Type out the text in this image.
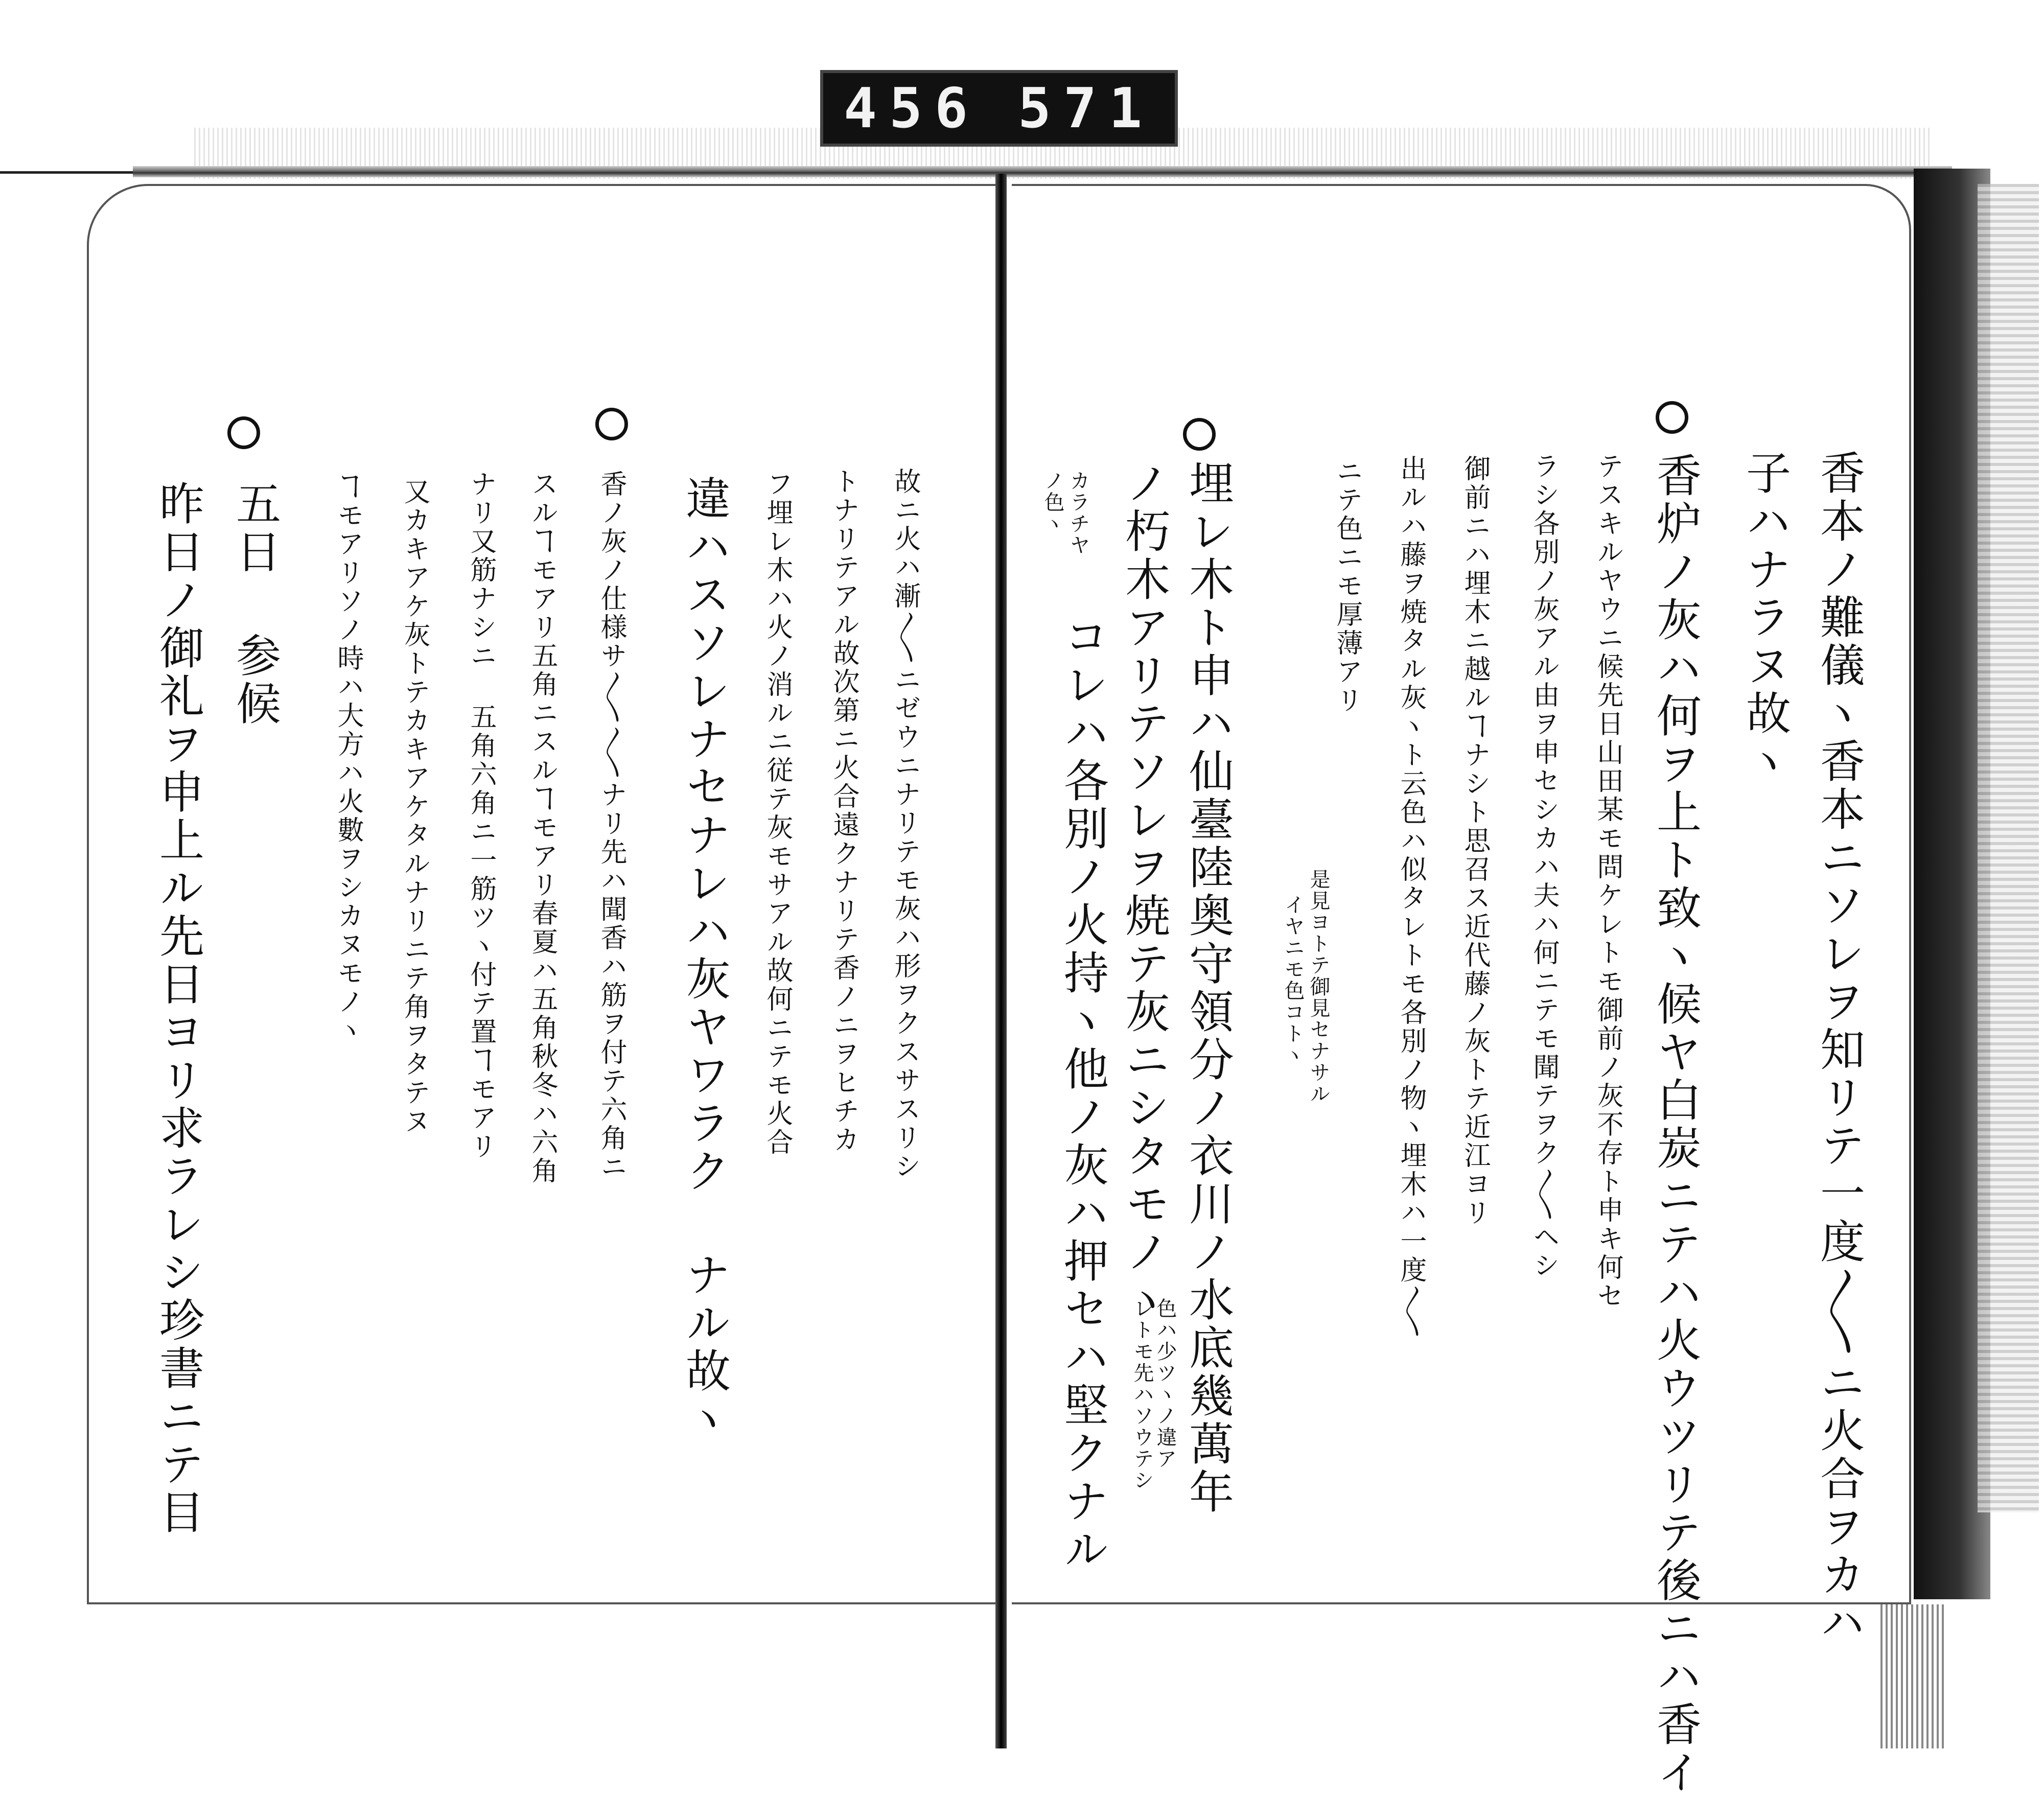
456 571
香本ノ難儀ヽ香本ニソレヲ知リテ一度〱ニ火合ヲカハ
子ハナラヌ故ヽ
香炉ノ灰ハ何ヲ上ト致ヽ候ヤ白炭ニテハ火ウツリテ後ニハ香イ
テスキルヤウニ候先日山田某モ問ケレトモ御前ノ灰不存ト申キ何セ
ラシ各別ノ灰アル由ヲ申セシカハ夫ハ何ニテモ聞テヲク〱ヘシ
御前ニハ埋木ニ越ルヿナシト思召ス近代藤ノ灰トテ近江ヨリ
出ルハ藤ヲ焼タル灰ヽト云色ハ似タレトモ各別ノ物ヽ埋木ハ一度〱
ニテ色ニモ厚薄アリ
是見ヨトテ御見セナサル
イヤニモ色コトヽ
埋レ木ト申ハ仙臺陸奥守領分ノ衣川ノ水底幾萬年
ノ朽木アリテソレヲ焼テ灰ニシタモノヽ
色ハ少ツヽノ違ア
レトモ先ハソウテシ
コレハ各別ノ火持ヽ他ノ灰ハ押セハ堅クナル
カラチヤ
ノ色ヽ
故ニ火ハ漸〱ニゼウニナリテモ灰ハ形ヲクスサスリシ
トナリテアル故次第ニ火合遠クナリテ香ノニヲヒチカ
フ埋レ木ハ火ノ消ルニ従テ灰モサアル故何ニテモ火合
違ハスソレナセナレハ灰ヤワラク ナル故ヽ
香ノ灰ノ仕様サ〱〱ナリ先ハ聞香ハ筋ヲ付テ六角ニ
スルヿモアリ五角ニスルヿモアリ春夏ハ五角秋冬ハ六角
ナリ又筋ナシニ 五角六角ニ一筋ツヽ付テ置ヿモアリ
又カキアケ灰トテカキアケタルナリニテ角ヲタテヌ
ヿモアリソノ時ハ大方ハ火數ヲシカヌモノヽ
五日 参候
昨日ノ御礼ヲ申上ル先日ヨリ求ラレシ珍書ニテ目
